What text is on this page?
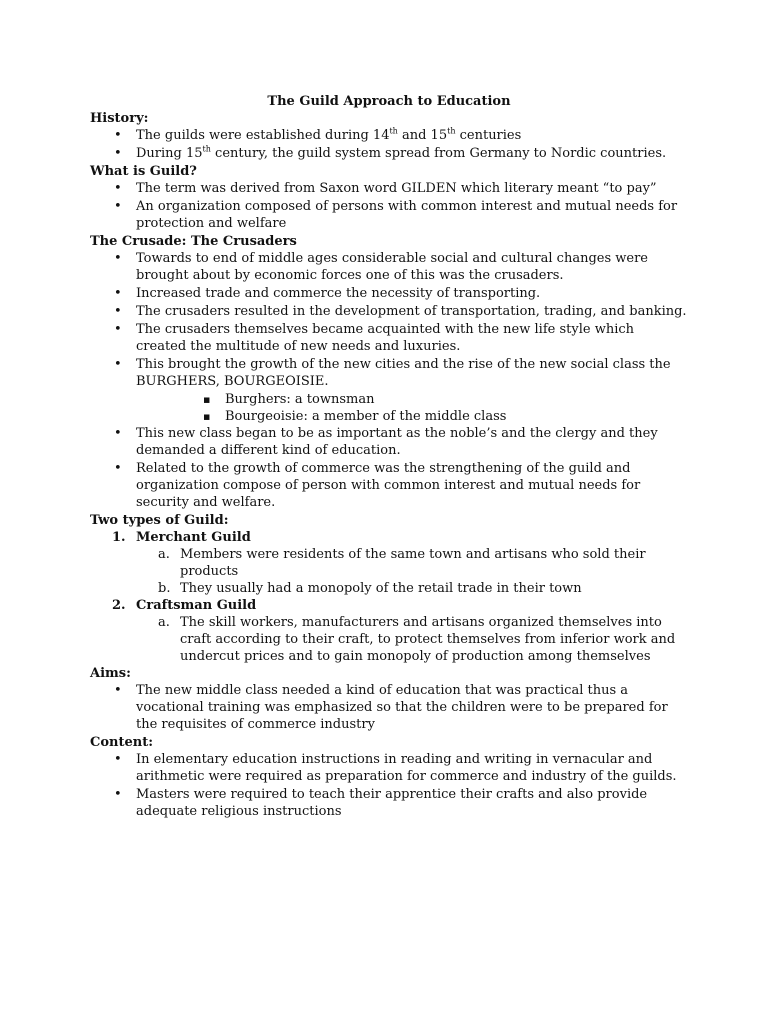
The Guild Approach to Education
History:
• The guilds were established during 14th and 15th centuries
• During 15th century, the guild system spread from Germany to Nordic countries.
What is Guild?
• The term was derived from Saxon word GILDEN which literary meant “to pay”
• An organization composed of persons with common interest and mutual needs for protection and welfare
The Crusade: The Crusaders
• Towards to end of middle ages considerable social and cultural changes were brought about by economic forces one of this was the crusaders.
• Increased trade and commerce the necessity of transporting.
• The crusaders resulted in the development of transportation, trading, and banking.
• The crusaders themselves became acquainted with the new life style which created the multitude of new needs and luxuries.
• This brought the growth of the new cities and the rise of the new social class the BURGHERS, BOURGEOISIE.
▪ Burghers: a townsman
▪ Bourgeoisie: a member of the middle class
• This new class began to be as important as the noble’s and the clergy and they demanded a different kind of education.
• Related to the growth of commerce was the strengthening of the guild and organization compose of person with common interest and mutual needs for security and welfare.
Two types of Guild:
1. Merchant Guild
a. Members were residents of the same town and artisans who sold their products
b. They usually had a monopoly of the retail trade in their town
2. Craftsman Guild
a. The skill workers, manufacturers and artisans organized themselves into craft according to their craft, to protect themselves from inferior work and undercut prices and to gain monopoly of production among themselves
Aims:
• The new middle class needed a kind of education that was practical thus a vocational training was emphasized so that the children were to be prepared for the requisites of commerce industry
Content:
• In elementary education instructions in reading and writing in vernacular and arithmetic were required as preparation for commerce and industry of the guilds.
• Masters were required to teach their apprentice their crafts and also provide adequate religious instructions
